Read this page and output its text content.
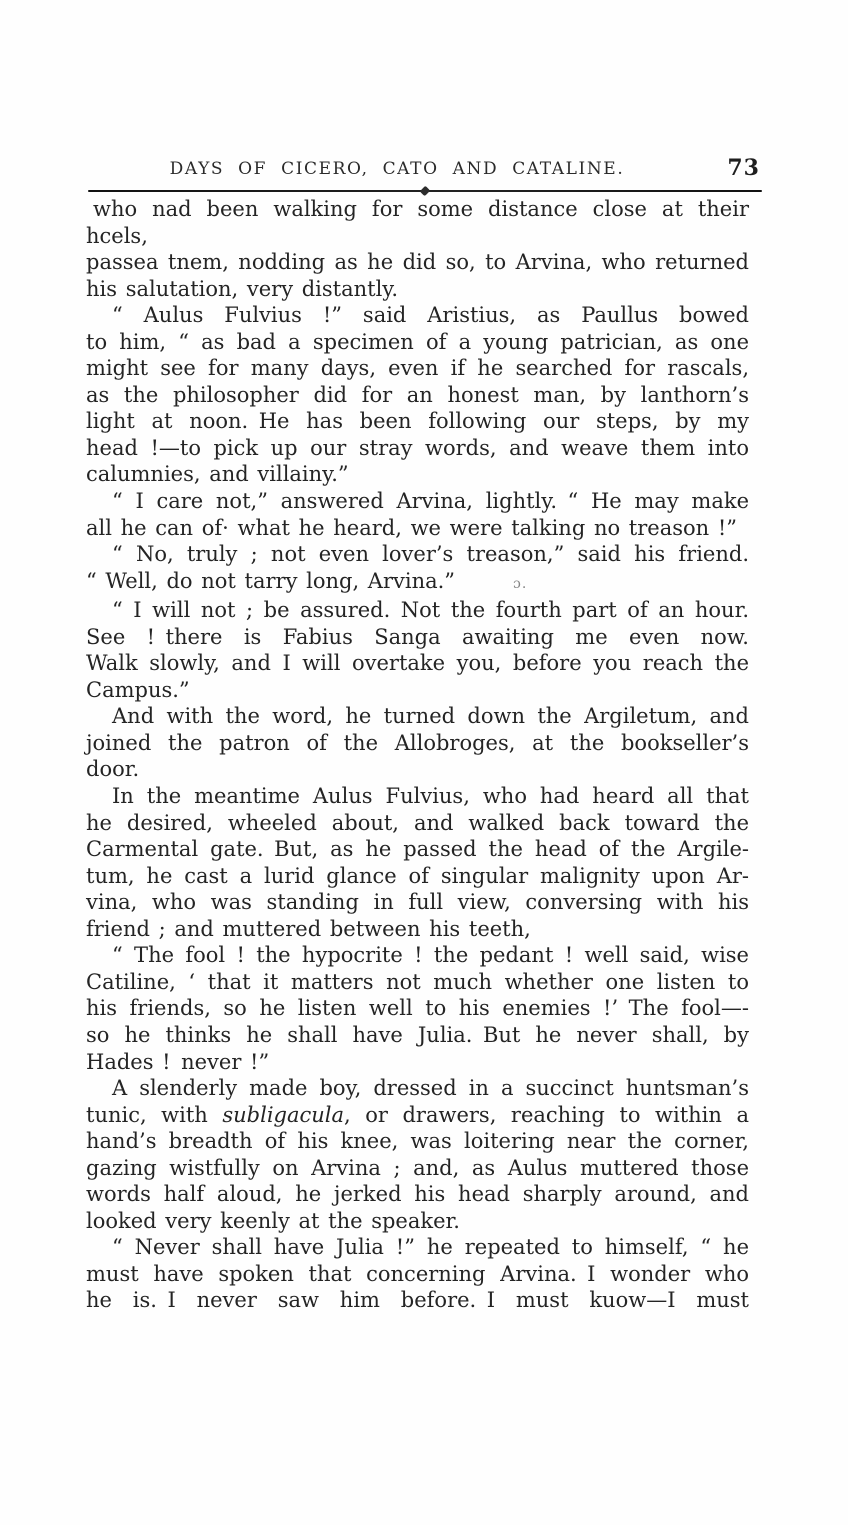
DAYS OF CICERO, CATO AND CATALINE.	73
who nad been walking for some distance close at their hcels,
passea tnem, nodding as he did so, to Arvina, who returned
his salutation, very distantly.
“ Aulus Fulvius !” said Aristius, as Paullus bowed
to him, “ as bad a specimen of a young patrician, as one
might see for many days, even if he searched for rascals,
as the philosopher did for an honest man, by lanthorn’s
light at noon. He has been following our steps, by my
head !—to pick up our stray words, and weave them into
calumnies, and villainy.”
“ I care not,” answered Arvina, lightly. “ He may make
all he can of· what he heard, we were talking no treason !”
“ No, truly ; not even lover’s treason,” said his friend.
“ Well, do not tarry long, Arvina.”	ɔ.
“ I will not ; be assured. Not the fourth part of an hour.
See ! there is Fabius Sanga awaiting me even now.
Walk slowly, and I will overtake you, before you reach the
Campus.”
And with the word, he turned down the Argiletum, and
joined the patron of the Allobroges, at the bookseller’s
door.
In the meantime Aulus Fulvius, who had heard all that
he desired, wheeled about, and walked back toward the
Carmental gate. But, as he passed the head of the Argile-
tum, he cast a lurid glance of singular malignity upon Ar-
vina, who was standing in full view, conversing with his
friend ; and muttered between his teeth,
“ The fool ! the hypocrite ! the pedant ! well said, wise
Catiline, ‘ that it matters not much whether one listen to
his friends, so he listen well to his enemies !’ The fool—-
so he thinks he shall have Julia. But he never shall, by
Hades ! never !”
A slenderly made boy, dressed in a succinct huntsman’s
tunic, with subligacula, or drawers, reaching to within a
hand’s breadth of his knee, was loitering near the corner,
gazing wistfully on Arvina ; and, as Aulus muttered those
words half aloud, he jerked his head sharply around, and
looked very keenly at the speaker.
“ Never shall have Julia !” he repeated to himself, “ he
must have spoken that concerning Arvina. I wonder who
he is. I never saw him before. I must kuow—I must
